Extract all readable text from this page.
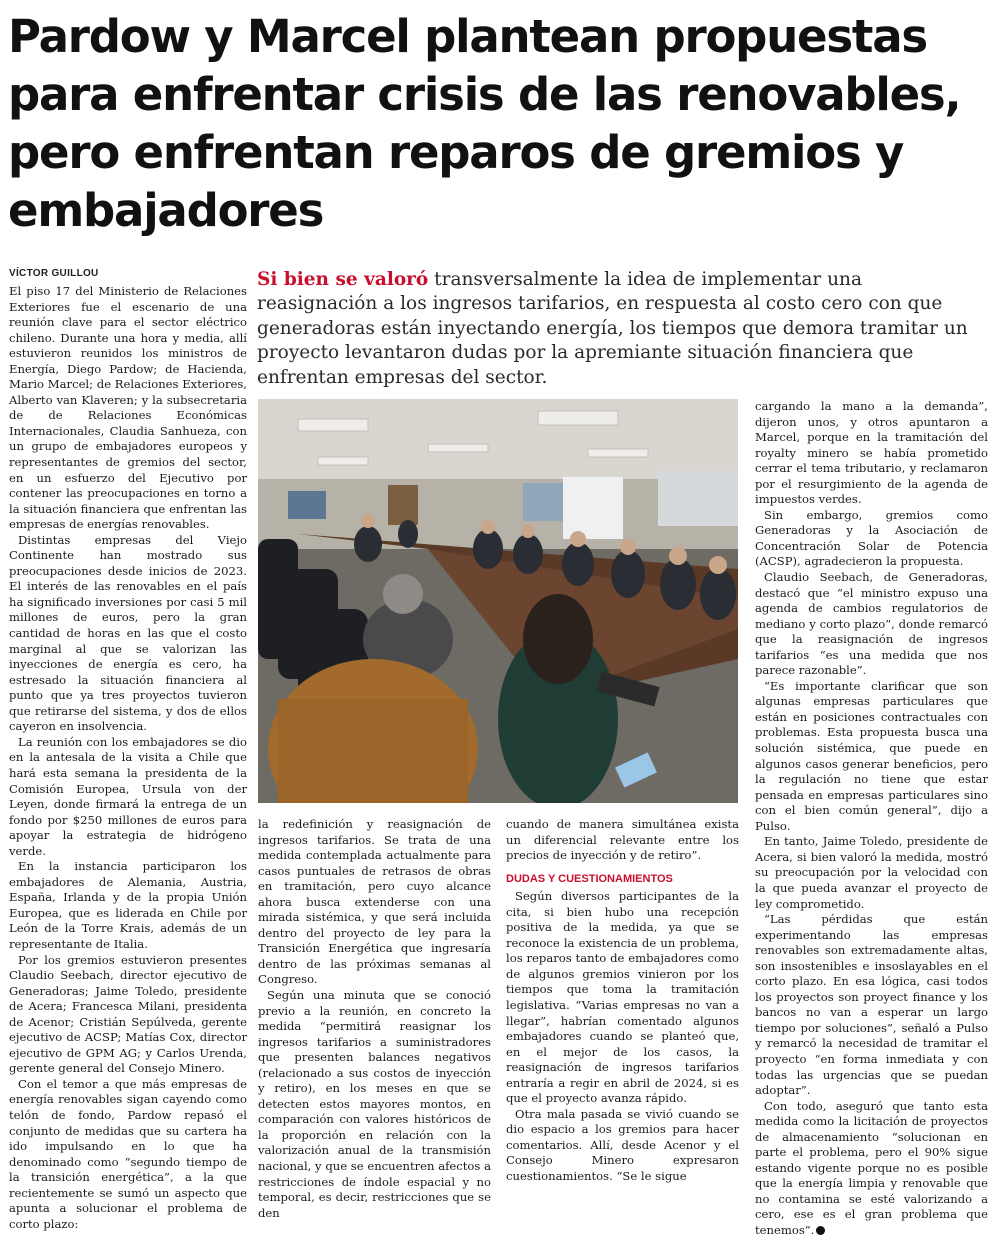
Pardow y Marcel plantean propuestas para enfrentar crisis de las renovables, pero enfrentan reparos de gremios y embajadores
VÍCTOR GUILLOU	Si bien se valoró transversalmente la idea de implementar una reasignación a los ingresos tarifarios, en respuesta al costo cero con que generadoras están inyectando energía, los tiempos que demora tramitar un proyecto levantaron dudas por la apremiante situación financiera que enfrentan empresas del sector.

El piso 17 del Ministerio de Relaciones Exteriores fue el escenario de una reunión clave para el sector eléctrico chileno. Durante una hora y media, allí estuvieron reunidos los ministros de Energía, Diego Pardow; de Hacienda, Mario Marcel; de Relaciones Exteriores, Alberto van Klaveren; y la subsecretaria de de Relaciones Económicas Internacionales, Claudia Sanhueza, con un grupo de embajadores europeos y representantes de gremios del sector, en un esfuerzo del Ejecutivo por contener las preocupaciones en torno a la situación financiera que enfrentan las empresas de energías renovables.

Distintas empresas del Viejo Continente han mostrado sus preocupaciones desde inicios de 2023. El interés de las renovables en el país ha significado inversiones por casi 5 mil millones de euros, pero la gran cantidad de horas en las que el costo marginal al que se valorizan las inyecciones de energía es cero, ha estresado la situación financiera al punto que ya tres proyectos tuvieron que retirarse del sistema, y dos de ellos cayeron en insolvencia.

La reunión con los embajadores se dio en la antesala de la visita a Chile que hará esta semana la presidenta de la Comisión Europea, Ursula von der Leyen, donde firmará la entrega de un fondo por $250 millones de euros para apoyar la estrategia de hidrógeno verde.

En la instancia participaron los embajadores de Alemania, Austria, España, Irlanda y de la propia Unión Europea, que es liderada en Chile por León de la Torre Krais, además de un representante de Italia.

Por los gremios estuvieron presentes Claudio Seebach, director ejecutivo de Generadoras; Jaime Toledo, presidente de Acera; Francesca Milani, presidenta de Acenor; Cristián Sepúlveda, gerente ejecutivo de ACSP; Matías Cox, director ejecutivo de GPM AG; y Carlos Urenda, gerente general del Consejo Minero.

Con el temor a que más empresas de energía renovables sigan cayendo como telón de fondo, Pardow repasó el conjunto de medidas que su cartera ha ido impulsando en lo que ha denominado como “segundo tiempo de la transición energética”, a la que recientemente se sumó un aspecto que apunta a solucionar el problema de corto plazo:

la redefinición y reasignación de ingresos tarifarios. Se trata de una medida contemplada actualmente para casos puntuales de retrasos de obras en tramitación, pero cuyo alcance ahora busca extenderse con una mirada sistémica, y que será incluida dentro del proyecto de ley para la Transición Energética que ingresaría dentro de las próximas semanas al Congreso.

Según una minuta que se conoció previo a la reunión, en concreto la medida “permitirá reasignar los ingresos tarifarios a suministradores que presenten balances negativos (relacionado a sus costos de inyección y retiro), en los meses en que se detecten estos mayores montos, en comparación con valores históricos de la proporción en relación con la valorización anual de la transmisión nacional, y que se encuentren afectos a restricciones de índole espacial y no temporal, es decir, restricciones que se den

cuando de manera simultánea exista un diferencial relevante entre los precios de inyección y de retiro”.

DUDAS Y CUESTIONAMIENTOS

Según diversos participantes de la cita, si bien hubo una recepción positiva de la medida, ya que se reconoce la existencia de un problema, los reparos tanto de embajadores como de algunos gremios vinieron por los tiempos que toma la tramitación legislativa. “Varias empresas no van a llegar”, habrían comentado algunos embajadores cuando se planteó que, en el mejor de los casos, la reasignación de ingresos tarifarios entraría a regir en abril de 2024, si es que el proyecto avanza rápido.

Otra mala pasada se vivió cuando se dio espacio a los gremios para hacer comentarios. Allí, desde Acenor y el Consejo Minero expresaron cuestionamientos. “Se le sigue

cargando la mano a la demanda”, dijeron unos, y otros apuntaron a Marcel, porque en la tramitación del royalty minero se había prometido cerrar el tema tributario, y reclamaron por el resurgimiento de la agenda de impuestos verdes.

Sin embargo, gremios como Generadoras y la Asociación de Concentración Solar de Potencia (ACSP), agradecieron la propuesta.

Claudio Seebach, de Generadoras, destacó que “el ministro expuso una agenda de cambios regulatorios de mediano y corto plazo”, donde remarcó que la reasignación de ingresos tarifarios “es una medida que nos parece razonable”.

“Es importante clarificar que son algunas empresas particulares que están en posiciones contractuales con problemas. Esta propuesta busca una solución sistémica, que puede en algunos casos generar beneficios, pero la regulación no tiene que estar pensada en empresas particulares sino con el bien común general”, dijo a Pulso.

En tanto, Jaime Toledo, presidente de Acera, si bien valoró la medida, mostró su preocupación por la velocidad con la que pueda avanzar el proyecto de ley comprometido.

“Las pérdidas que están experimentando las empresas renovables son extremadamente altas, son insostenibles e insoslayables en el corto plazo. En esa lógica, casi todos los proyectos son proyect finance y los bancos no van a esperar un largo tiempo por soluciones”, señaló a Pulso y remarcó la necesidad de tramitar el proyecto “en forma inmediata y con todas las urgencias que se puedan adoptar”.

Con todo, aseguró que tanto esta medida como la licitación de proyectos de almacenamiento “solucionan en parte el problema, pero el 90% sigue estando vigente porque no es posible que la energía limpia y renovable que no contamina se esté valorizando a cero, ese es el gran problema que tenemos”.
